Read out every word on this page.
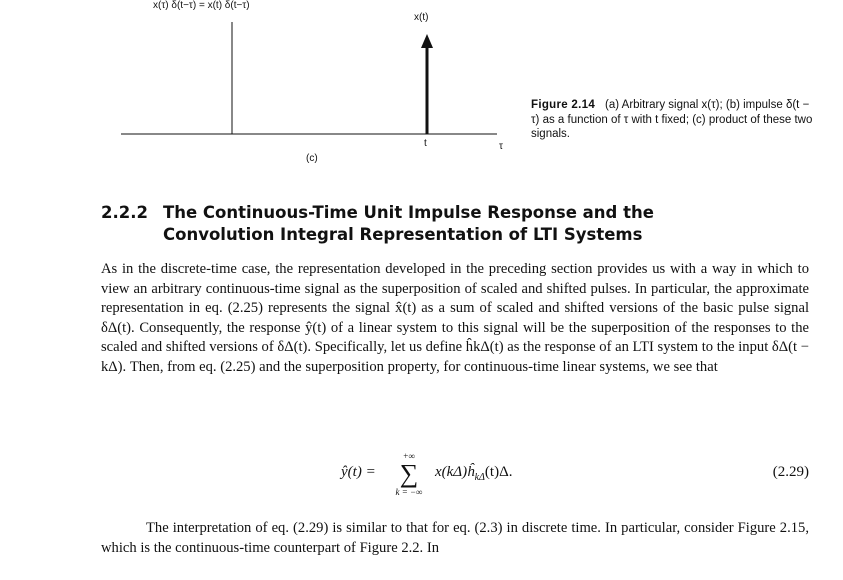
x(τ) δ(t−τ) = x(t) δ(t−τ)
x(t)
t	τ
(c)
Figure 2.14 (a) Arbitrary signal x(τ); (b) impulse δ(t − τ) as a function of τ with t fixed; (c) product of these two signals.
2.2.2 The Continuous-Time Unit Impulse Response and the
Convolution Integral Representation of LTI Systems

As in the discrete-time case, the representation developed in the preceding section provides us with a way in which to view an arbitrary continuous-time signal as the superposition of scaled and shifted pulses. In particular, the approximate representation in eq. (2.25) represents the signal x̂(t) as a sum of scaled and shifted versions of the basic pulse signal δΔ(t). Consequently, the response ŷ(t) of a linear system to this signal will be the superposition of the responses to the scaled and shifted versions of δΔ(t). Specifically, let us define ĥkΔ(t) as the response of an LTI system to the input δΔ(t − kΔ). Then, from eq. (2.25) and the superposition property, for continuous-time linear systems, we see that

ŷ(t) =
+∞
∑
k = −∞
$x(k\Delta)ĥ_{k\Delta}(t)\Delta$.	(2.29)

The interpretation of eq. (2.29) is similar to that for eq. (2.3) in discrete time. In particular, consider Figure 2.15, which is the continuous-time counterpart of Figure 2.2. In
